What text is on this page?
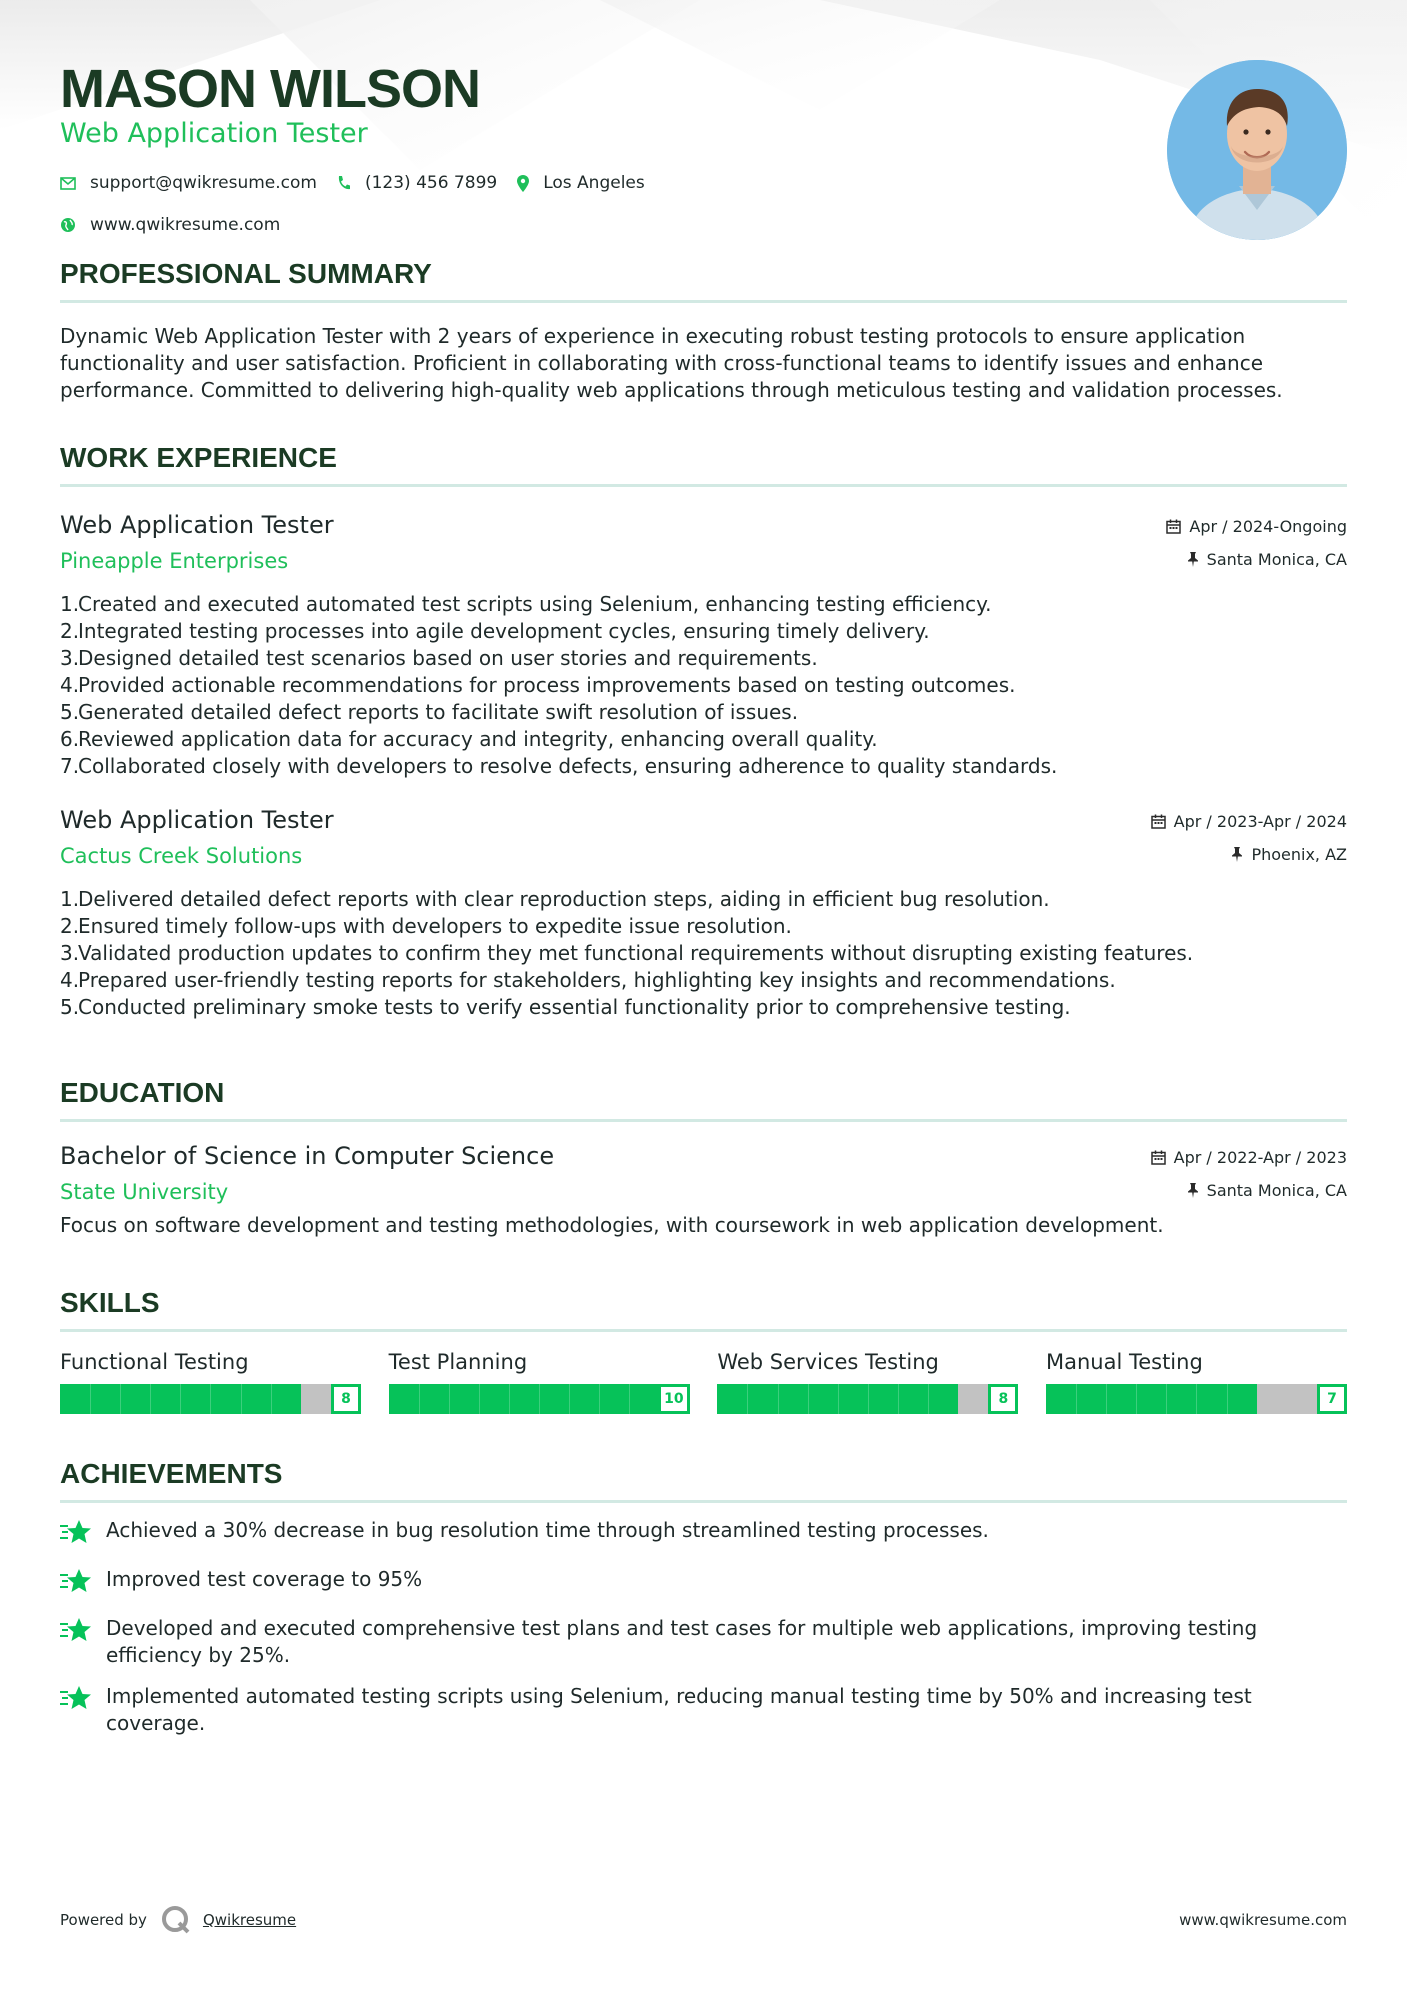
MASON WILSON
Web Application Tester
support@qwikresume.com	(123) 456 7899	Los Angeles
www.qwikresume.com
PROFESSIONAL SUMMARY
Dynamic Web Application Tester with 2 years of experience in executing robust testing protocols to ensure application functionality and user satisfaction. Proficient in collaborating with cross-functional teams to identify issues and enhance performance. Committed to delivering high-quality web applications through meticulous testing and validation processes.
WORK EXPERIENCE
Web Application Tester
Pineapple Enterprises
Apr / 2024-Ongoing
Santa Monica, CA
1.
Created and executed automated test scripts using Selenium, enhancing testing efficiency.
2.
Integrated testing processes into agile development cycles, ensuring timely delivery.
3.
Designed detailed test scenarios based on user stories and requirements.
4.
Provided actionable recommendations for process improvements based on testing outcomes.
5.
Generated detailed defect reports to facilitate swift resolution of issues.
6.
Reviewed application data for accuracy and integrity, enhancing overall quality.
7.
Collaborated closely with developers to resolve defects, ensuring adherence to quality standards.
Web Application Tester
Cactus Creek Solutions
Apr / 2023-Apr / 2024
Phoenix, AZ
1.
Delivered detailed defect reports with clear reproduction steps, aiding in efficient bug resolution.
2.
Ensured timely follow-ups with developers to expedite issue resolution.
3.
Validated production updates to confirm they met functional requirements without disrupting existing features.
4.
Prepared user-friendly testing reports for stakeholders, highlighting key insights and recommendations.
5.
Conducted preliminary smoke tests to verify essential functionality prior to comprehensive testing.
EDUCATION
Bachelor of Science in Computer Science
State University
Apr / 2022-Apr / 2023
Santa Monica, CA
Focus on software development and testing methodologies, with coursework in web application development.
SKILLS
Functional Testing
8
Test Planning
10
Web Services Testing
8
Manual Testing
7
ACHIEVEMENTS
Achieved a 30% decrease in bug resolution time through streamlined testing processes.
Improved test coverage to 95%
Developed and executed comprehensive test plans and test cases for multiple web applications, improving testing efficiency by 25%.
Implemented automated testing scripts using Selenium, reducing manual testing time by 50% and increasing test coverage.
Powered by	Qwikresume	www.qwikresume.com
